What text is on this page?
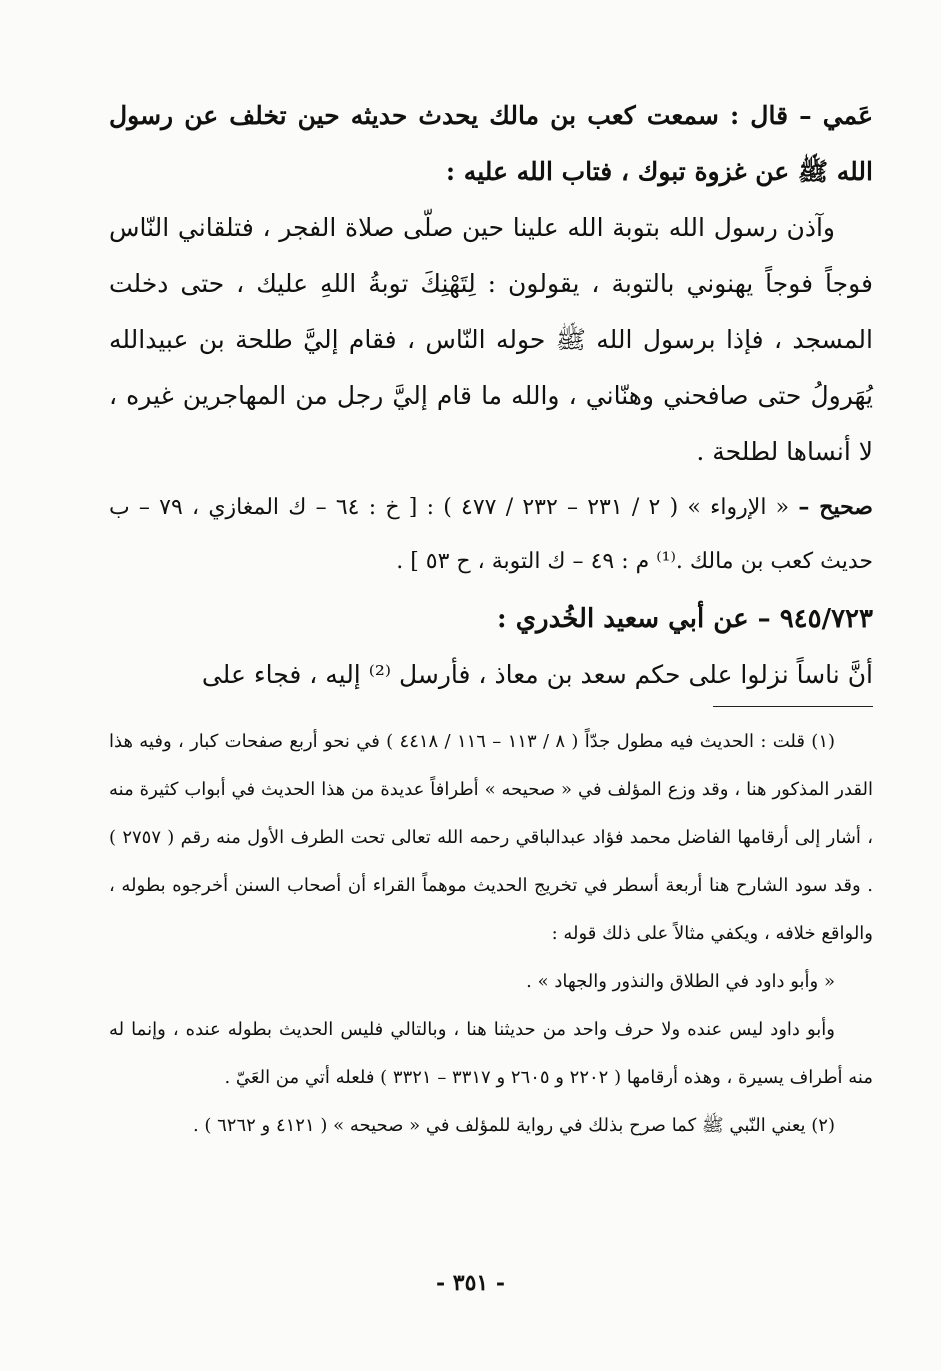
عَمي – قال : سمعت كعب بن مالك يحدث حديثه حين تخلف عن رسول الله ﷺ عن غزوة تبوك ، فتاب الله عليه :

وآذن رسول الله بتوبة الله علينا حين صلّى صلاة الفجر ، فتلقاني النّاس فوجاً فوجاً يهنوني بالتوبة ، يقولون : لِتَهْنِكَ توبةُ اللهِ عليك ، حتى دخلت المسجد ، فإذا برسول الله ﷺ حوله النّاس ، فقام إليَّ طلحة بن عبيدالله يُهَرولُ حتى صافحني وهنّاني ، والله ما قام إليَّ رجل من المهاجرين غيره ، لا أنساها لطلحة .

صحيح – « الإرواء » ( ٢ / ٢٣١ – ٢٣٢ / ٤٧٧ ) : [ خ : ٦٤ – ك المغازي ، ٧٩ – ب حديث كعب بن مالك .⁽¹⁾ م : ٤٩ – ك التوبة ، ح ٥٣ ] .

٩٤٥/٧٢٣ – عن أبي سعيد الخُدري :

أنَّ ناساً نزلوا على حكم سعد بن معاذ ، فأرسل ⁽²⁾ إليه ، فجاء على

(١) قلت : الحديث فيه مطول جدّاً ( ٨ / ١١٣ – ١١٦ / ٤٤١٨ ) في نحو أربع صفحات كبار ، وفيه هذا القدر المذكور هنا ، وقد وزع المؤلف في « صحيحه » أطرافاً عديدة من هذا الحديث في أبواب كثيرة منه ، أشار إلى أرقامها الفاضل محمد فؤاد عبدالباقي رحمه الله تعالى تحت الطرف الأول منه رقم ( ٢٧٥٧ ) . وقد سود الشارح هنا أربعة أسطر في تخريج الحديث موهماً القراء أن أصحاب السنن أخرجوه بطوله ، والواقع خلافه ، ويكفي مثالاً على ذلك قوله :

« وأبو داود في الطلاق والنذور والجهاد » .

وأبو داود ليس عنده ولا حرف واحد من حديثنا هنا ، وبالتالي فليس الحديث بطوله عنده ، وإنما له منه أطراف يسيرة ، وهذه أرقامها ( ٢٢٠٢ و ٢٦٠٥ و ٣٣١٧ – ٣٣٢١ ) فلعله أتي من العَيّ .

(٢) يعني النّبي ﷺ كما صرح بذلك في رواية للمؤلف في « صحيحه » ( ٤١٢١ و ٦٢٦٢ ) .

- ٣٥١ -
